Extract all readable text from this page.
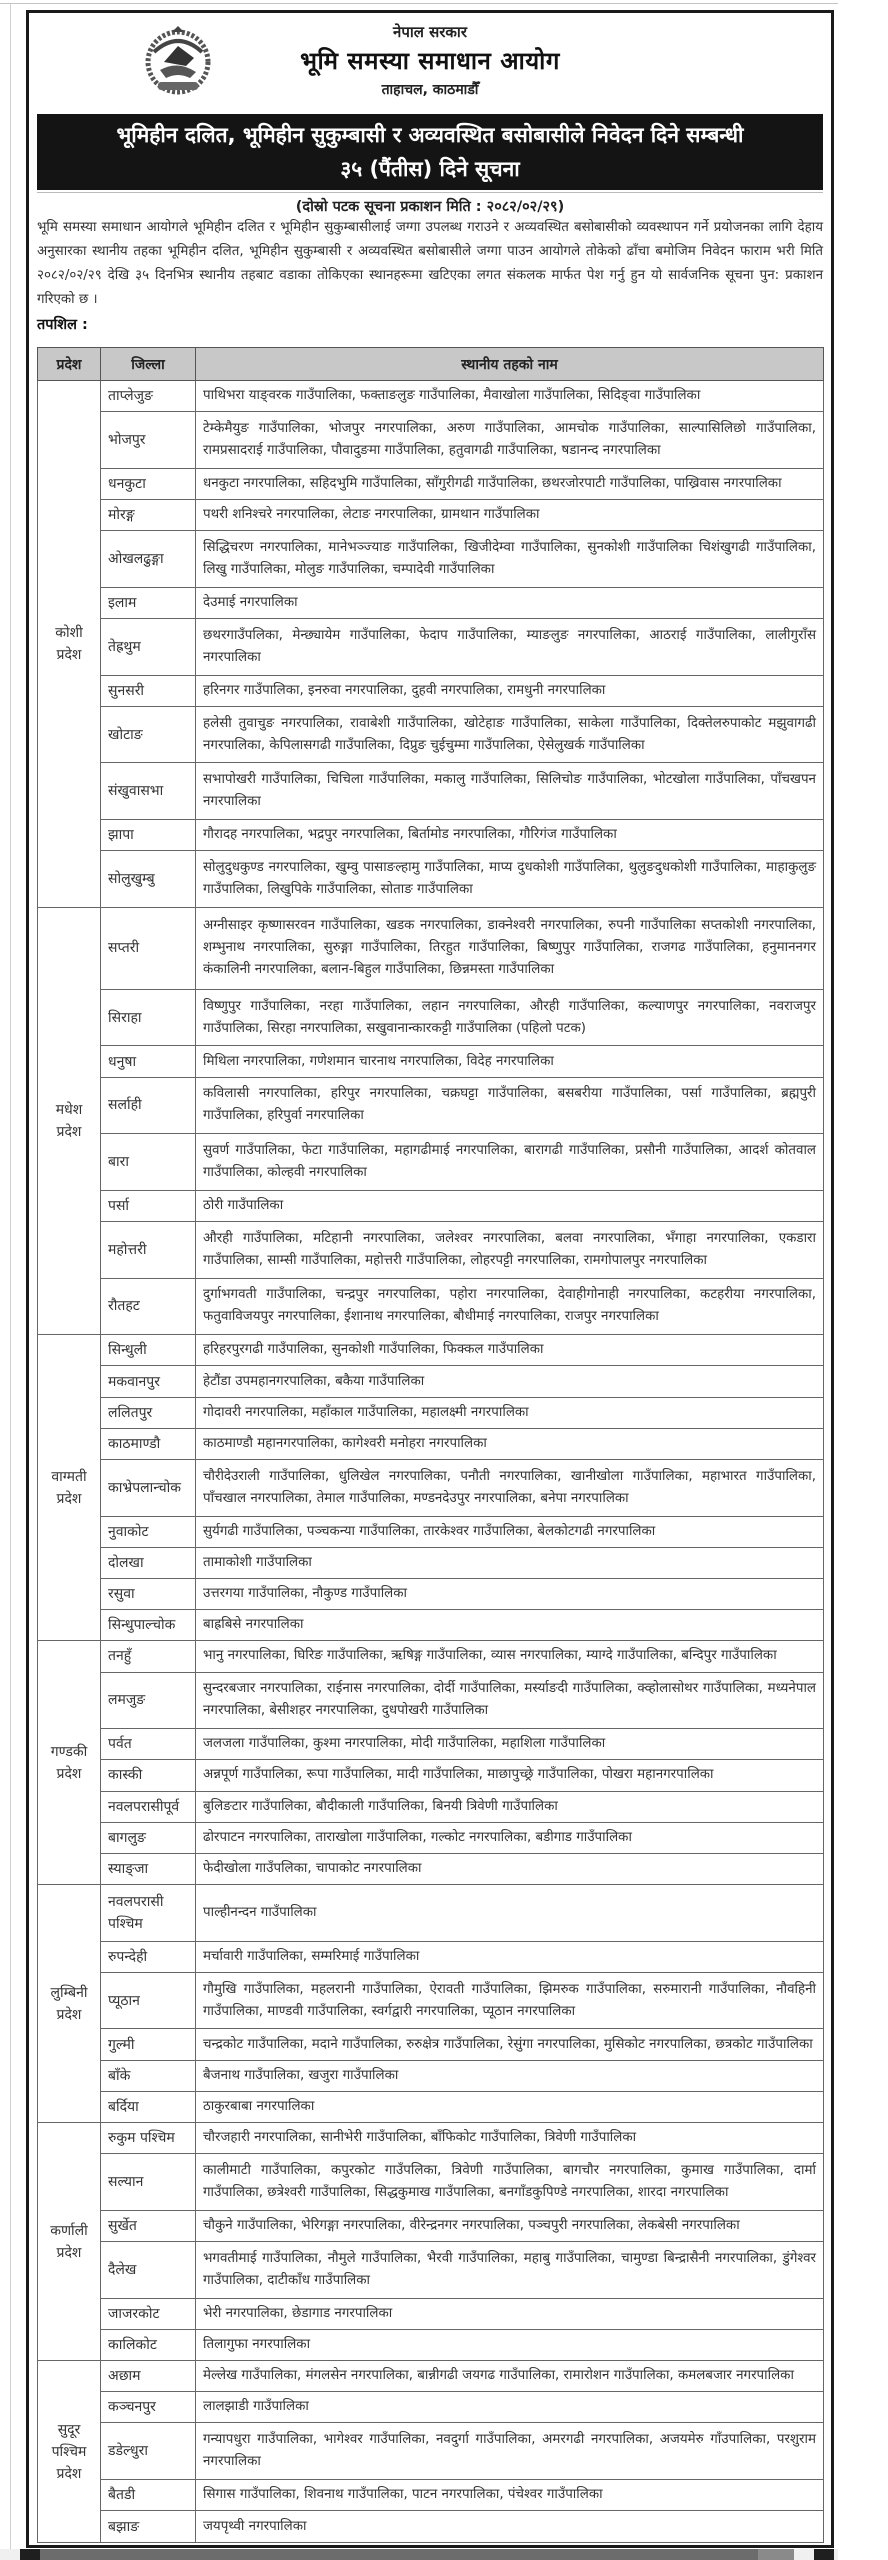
नेपाल सरकार
भूमि समस्या समाधान आयोग
ताहाचल, काठमाडौँ
भूमिहीन दलित, भूमिहीन सुकुम्बासी र अव्यवस्थित बसोबासीले निवेदन दिने सम्बन्धी
३५ (पैंतीस) दिने सूचना
(दोस्रो पटक सूचना प्रकाशन मिति : २०८२/०२/२९)
भूमि समस्या समाधान आयोगले भूमिहीन दलित र भूमिहीन सुकुम्बासीलाई जग्गा उपलब्ध गराउने र अव्यवस्थित बसोबासीको व्यवस्थापन गर्ने प्रयोजनका लागि देहाय अनुसारका स्थानीय तहका भूमिहीन दलित, भूमिहीन सुकुम्बासी र अव्यवस्थित बसोबासीले जग्गा पाउन आयोगले तोकेको ढाँचा बमोजिम निवेदन फाराम भरी मिति २०८२/०२/२९ देखि ३५ दिनभित्र स्थानीय तहबाट वडाका तोकिएका स्थानहरूमा खटिएका लगत संकलक मार्फत पेश गर्नु हुन यो सार्वजनिक सूचना पुन: प्रकाशन गरिएको छ ।
तपशिल :
प्रदेश	जिल्ला	स्थानीय तहको नाम
कोशी प्रदेश	ताप्लेजुङ	पाथिभरा याङ्वरक गाउँपालिका, फक्ताङलुङ गाउँपालिका, मैवाखोला गाउँपालिका, सिदिङ्वा गाउँपालिका
	भोजपुर	टेम्केमैयुङ गाउँपालिका, भोजपुर नगरपालिका, अरुण गाउँपालिका, आमचोक गाउँपालिका, साल्पासिलिछो गाउँपालिका, रामप्रसादराई गाउँपालिका, पौवादुङमा गाउँपालिका, हतुवागढी गाउँपालिका, षडानन्द नगरपालिका
	धनकुटा	धनकुटा नगरपालिका, सहिदभुमि गाउँपालिका, साँगुरीगढी गाउँपालिका, छथरजोरपाटी गाउँपालिका, पाख्रिवास नगरपालिका
	मोरङ्ग	पथरी शनिश्चरे नगरपालिका, लेटाङ नगरपालिका, ग्रामथान गाउँपालिका
	ओखलढुङ्गा	सिद्धिचरण नगरपालिका, मानेभञ्ज्याङ गाउँपालिका, खिजीदेम्वा गाउँपालिका, सुनकोशी गाउँपालिका चिशंखुगढी गाउँपालिका, लिखु गाउँपालिका, मोलुङ गाउँपालिका, चम्पादेवी गाउँपालिका
	इलाम	देउमाई नगरपालिका
	तेह्रथुम	छथरगाउँपलिका, मेन्छ्यायेम गाउँपालिका, फेदाप गाउँपालिका, म्याङलुङ नगरपालिका, आठराई गाउँपालिका, लालीगुराँस नगरपालिका
	सुनसरी	हरिनगर गाउँपालिका, इनरुवा नगरपालिका, दुहवी नगरपालिका, रामधुनी नगरपालिका
	खोटाङ	हलेसी तुवाचुङ नगरपालिका, रावाबेशी गाउँपालिका, खोटेहाङ गाउँपालिका, साकेला गाउँपालिका, दिक्तेलरुपाकोट मझुवागढी नगरपालिका, केपिलासगढी गाउँपालिका, दिप्रुङ चुईचुम्मा गाउँपालिका, ऐसेलुखर्क गाउँपालिका
	संखुवासभा	सभापोखरी गाउँपालिका, चिचिला गाउँपालिका, मकालु गाउँपालिका, सिलिचोङ गाउँपालिका, भोटखोला गाउँपालिका, पाँचखपन नगरपालिका
	झापा	गौरादह नगरपालिका, भद्रपुर नगरपालिका, बिर्तामोड नगरपालिका, गौरिगंज गाउँपालिका
	सोलुखुम्बु	सोलुदुधकुण्ड नगरपालिका, खुम्वु पासाङल्हामु गाउँपालिका, माप्य दुधकोशी गाउँपालिका, थुलुङदुधकोशी गाउँपालिका, माहाकुलुङ गाउँपालिका, लिखुपिके गाउँपालिका, सोताङ गाउँपालिका
मधेश प्रदेश	सप्तरी	अग्नीसाइर कृष्णासरवन गाउँपालिका, खडक नगरपालिका, डाक्नेश्वरी नगरपालिका, रुपनी गाउँपालिका सप्तकोशी नगरपालिका, शम्भुनाथ नगरपालिका, सुरुङ्गा गाउँपालिका, तिरहुत गाउँपालिका, बिष्णुपुर गाउँपालिका, राजगढ गाउँपालिका, हनुमाननगर कंकालिनी नगरपालिका, बलान-बिहुल गाउँपालिका, छिन्नमस्ता गाउँपालिका
	सिराहा	विष्णुपुर गाउँपालिका, नरहा गाउँपालिका, लहान नगरपालिका, औरही गाउँपालिका, कल्याणपुर नगरपालिका, नवराजपुर गाउँपालिका, सिरहा नगरपालिका, सखुवानान्कारकट्टी गाउँपालिका (पहिलो पटक)
	धनुषा	मिथिला नगरपालिका, गणेशमान चारनाथ नगरपालिका, विदेह नगरपालिका
	सर्लाही	कविलासी नगरपालिका, हरिपुर नगरपालिका, चक्रघट्टा गाउँपालिका, बसबरीया गाउँपालिका, पर्सा गाउँपालिका, ब्रह्मपुरी गाउँपालिका, हरिपुर्वा नगरपालिका
	बारा	सुवर्ण गाउँपालिका, फेटा गाउँपालिका, महागढीमाई नगरपालिका, बारागढी गाउँपालिका, प्रसौनी गाउँपालिका, आदर्श कोतवाल गाउँपालिका, कोल्हवी नगरपालिका
	पर्सा	ठोरी गाउँपालिका
	महोत्तरी	औरही गाउँपालिका, मटिहानी नगरपालिका, जलेश्वर नगरपालिका, बलवा नगरपालिका, भँगाहा नगरपालिका, एकडारा गाउँपालिका, साम्सी गाउँपालिका, महोत्तरी गाउँपालिका, लोहरपट्टी नगरपालिका, रामगोपालपुर नगरपालिका
	रौतहट	दुर्गाभगवती गाउँपालिका, चन्द्रपुर नगरपालिका, पहोरा नगरपालिका, देवाहीगोनाही नगरपालिका, कटहरीया नगरपालिका, फतुवाविजयपुर नगरपालिका, ईशानाथ नगरपालिका, बौधीमाई नगरपालिका, राजपुर नगरपालिका
वाग्मती प्रदेश	सिन्धुली	हरिहरपुरगढी गाउँपालिका, सुनकोशी गाउँपालिका, फिक्कल गाउँपालिका
	मकवानपुर	हेटौंडा उपमहानगरपालिका, बकैया गाउँपालिका
	ललितपुर	गोदावरी नगरपालिका, महाँकाल गाउँपालिका, महालक्ष्मी नगरपालिका
	काठमाण्डौ	काठमाण्डौ महानगरपालिका, कागेश्वरी मनोहरा नगरपालिका
	काभ्रेपलान्चोक	चौरीदेउराली गाउँपालिका, धुलिखेल नगरपालिका, पनौती नगरपालिका, खानीखोला गाउँपालिका, महाभारत गाउँपालिका, पाँचखाल नगरपालिका, तेमाल गाउँपालिका, मण्डनदेउपुर नगरपालिका, बनेपा नगरपालिका
	नुवाकोट	सुर्यगढी गाउँपालिका, पञ्चकन्या गाउँपालिका, तारकेश्वर गाउँपालिका, बेलकोटगढी नगरपालिका
	दोलखा	तामाकोशी गाउँपालिका
	रसुवा	उत्तरगया गाउँपालिका, नौकुण्ड गाउँपालिका
	सिन्धुपाल्चोक	बाह्रबिसे नगरपालिका
गण्डकी प्रदेश	तनहुँ	भानु नगरपालिका, घिरिङ गाउँपालिका, ऋषिङ्ग गाउँपालिका, व्यास नगरपालिका, म्याग्दे गाउँपालिका, बन्दिपुर गाउँपालिका
	लमजुङ	सुन्दरबजार नगरपालिका, राईनास नगरपालिका, दोर्दी गाउँपालिका, मर्स्याङदी गाउँपालिका, क्व्होलासोथर गाउँपालिका, मध्यनेपाल नगरपालिका, बेसीशहर नगरपालिका, दुधपोखरी गाउँपालिका
	पर्वत	जलजला गाउँपालिका, कुश्मा नगरपालिका, मोदी गाउँपालिका, महाशिला गाउँपालिका
	कास्की	अन्नपूर्ण गाउँपालिका, रूपा गाउँपालिका, मादी गाउँपालिका, माछापुच्छ्रे गाउँपालिका, पोखरा महानगरपालिका
	नवलपरासीपूर्व	बुलिङटार गाउँपालिका, बौदीकाली गाउँपालिका, बिनयी त्रिवेणी गाउँपालिका
	बागलुङ	ढोरपाटन नगरपालिका, ताराखोला गाउँपालिका, गल्कोट नगरपालिका, बडीगाड गाउँपालिका
	स्याङ्जा	फेदीखोला गाउँपलिका, चापाकोट नगरपालिका
लुम्बिनी प्रदेश	नवलपरासी पश्चिम	पाल्हीनन्दन गाउँपालिका
	रुपन्देही	मर्चावारी गाउँपालिका, सम्मरिमाई गाउँपालिका
	प्यूठान	गौमुखि गाउँपालिका, महलरानी गाउँपालिका, ऐरावती गाउँपालिका, झिमरुक गाउँपालिका, सरुमारानी गाउँपालिका, नौवहिनी गाउँपालिका, माण्डवी गाउँपालिका, स्वर्गद्वारी नगरपालिका, प्यूठान नगरपालिका
	गुल्मी	चन्द्रकोट गाउँपालिका, मदाने गाउँपालिका, रुरुक्षेत्र गाउँपालिका, रेसुंगा नगरपालिका, मुसिकोट नगरपालिका, छत्रकोट गाउँपालिका
	बाँके	बैजनाथ गाउँपालिका, खजुरा गाउँपालिका
	बर्दिया	ठाकुरबाबा नगरपालिका
कर्णाली प्रदेश	रुकुम पश्चिम	चौरजहारी नगरपालिका, सानीभेरी गाउँपालिका, बाँफिकोट गाउँपालिका, त्रिवेणी गाउँपालिका
	सल्यान	कालीमाटी गाउँपालिका, कपुरकोट गाउँपलिका, त्रिवेणी गाउँपालिका, बागचौर नगरपालिका, कुमाख गाउँपालिका, दार्मा गाउँपालिका, छत्रेश्वरी गाउँपालिका, सिद्धकुमाख गाउँपालिका, बनगाँडकुपिण्डे नगरपालिका, शारदा नगरपालिका
	सुर्खेत	चौकुने गाउँपालिका, भेरिगङ्गा नगरपालिका, वीरेन्द्रनगर नगरपालिका, पञ्चपुरी नगरपालिका, लेकबेसी नगरपालिका
	दैलेख	भगवतीमाई गाउँपालिका, नौमुले गाउँपालिका, भैरवी गाउँपालिका, महाबु गाउँपालिका, चामुण्डा बिन्द्रासैनी नगरपालिका, डुंगेश्वर गाउँपालिका, दाटीकाँध गाउँपालिका
	जाजरकोट	भेरी नगरपालिका, छेडागाड नगरपालिका
	कालिकोट	तिलागुफा नगरपालिका
सुदूर पश्चिम प्रदेश	अछाम	मेल्लेख गाउँपालिका, मंगलसेन नगरपालिका, बान्नीगढी जयगढ गाउँपालिका, रामारोशन गाउँपालिका, कमलबजार नगरपालिका
	कञ्चनपुर	लालझाडी गाउँपालिका
	डडेल्धुरा	गन्यापधुरा गाउँपालिका, भागेश्वर गाउँपालिका, नवदुर्गा गाउँपालिका, अमरगढी नगरपालिका, अजयमेरु गाँउपालिका, परशुराम नगरपालिका
	बैतडी	सिगास गाउँपालिका, शिवनाथ गाउँपालिका, पाटन नगरपालिका, पंचेश्वर गाउँपालिका
	बझाङ	जयपृथ्वी नगरपालिका
